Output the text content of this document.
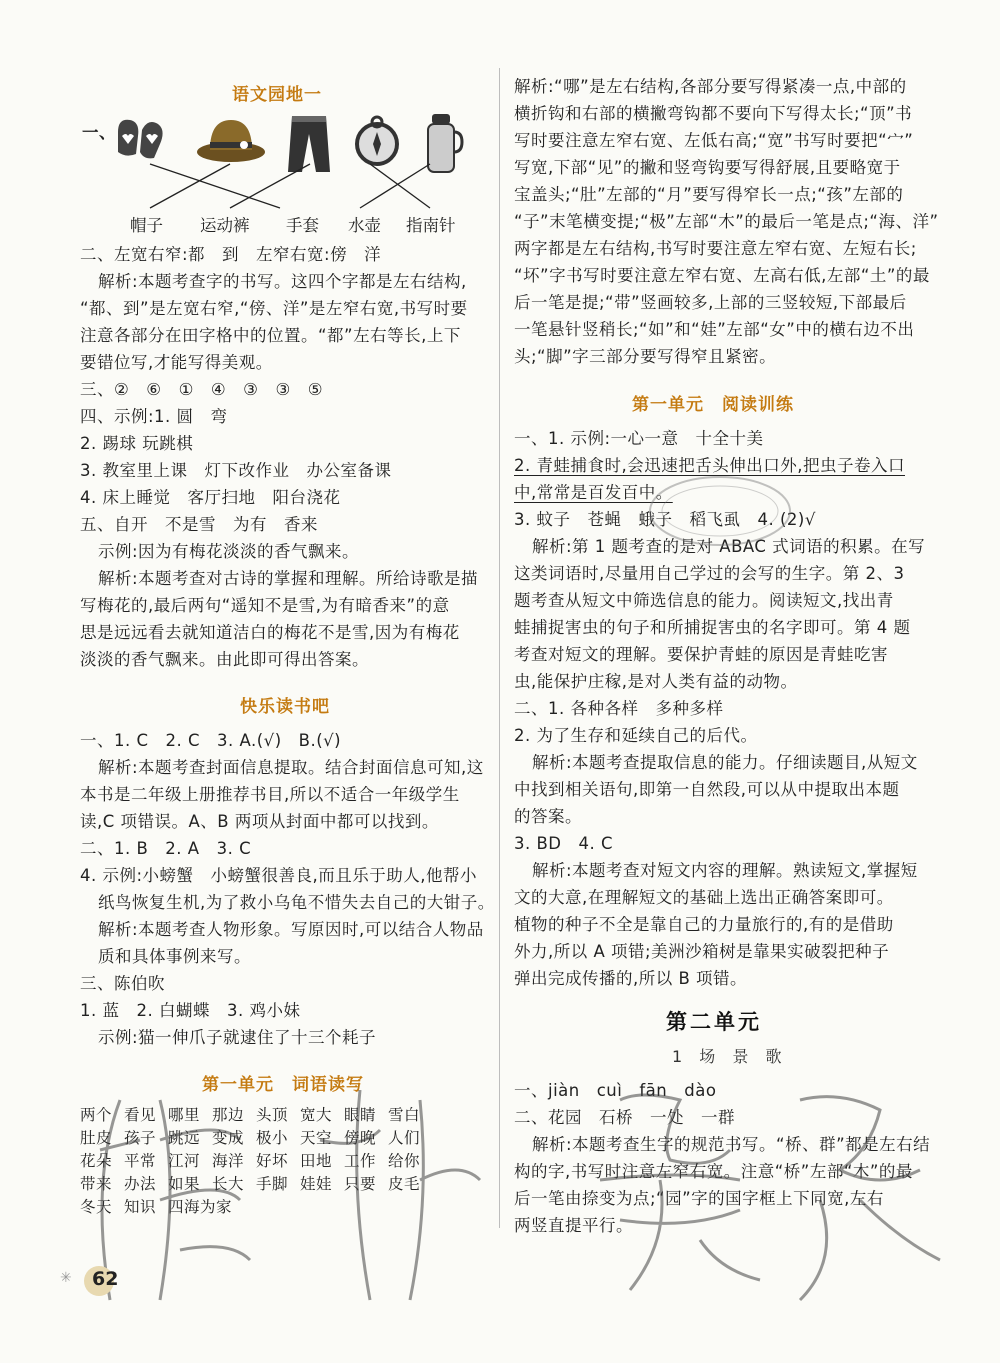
语文园地一
一、
帽子 运动裤 手套 水壶 指南针
二、左宽右窄:都　到　左窄右宽:傍　洋
解析:本题考查字的书写。这四个字都是左右结构,
“都、到”是左宽右窄,“傍、洋”是左窄右宽,书写时要
注意各部分在田字格中的位置。“都”左右等长,上下
要错位写,才能写得美观。
三、②　⑥　①　④　③　③　⑤
四、示例:1. 圆　弯
2. 踢球 玩跳棋
3. 教室里上课　灯下改作业　办公室备课
4. 床上睡觉　客厅扫地　阳台浇花
五、自开　不是雪　为有　香来
示例:因为有梅花淡淡的香气飘来。
解析:本题考查对古诗的掌握和理解。所给诗歌是描
写梅花的,最后两句“遥知不是雪,为有暗香来”的意
思是远远看去就知道洁白的梅花不是雪,因为有梅花
淡淡的香气飘来。由此即可得出答案。
快乐读书吧
一、1. C　2. C　3. A.(√)　B.(√)
解析:本题考查封面信息提取。结合封面信息可知,这
本书是二年级上册推荐书目,所以不适合一年级学生
读,C 项错误。A、B 两项从封面中都可以找到。
二、1. B　2. A　3. C
4. 示例:小螃蟹　小螃蟹很善良,而且乐于助人,他帮小
纸鸟恢复生机,为了救小乌龟不惜失去自己的大钳子。
解析:本题考查人物形象。写原因时,可以结合人物品
质和具体事例来写。
三、陈伯吹
1. 蓝　2. 白蝴蝶　3. 鸡小妹
示例:猫一伸爪子就逮住了十三个耗子
第一单元　词语读写
两个 看见 哪里 那边 头顶 宽大 眼睛 雪白
肚皮 孩子 跳远 变成 极小 天空 傍晚 人们
花朵 平常 江河 海洋 好坏 田地 工作 给你
带来 办法 如果 长大 手脚 娃娃 只要 皮毛
冬天 知识 四海为家
解析:“哪”是左右结构,各部分要写得紧凑一点,中部的
横折钩和右部的横撇弯钩都不要向下写得太长;“顶”书
写时要注意左窄右宽、左低右高;“宽”书写时要把“宀”
写宽,下部“见”的撇和竖弯钩要写得舒展,且要略宽于
宝盖头;“肚”左部的“月”要写得窄长一点;“孩”左部的
“子”末笔横变提;“极”左部“木”的最后一笔是点;“海、洋”
两字都是左右结构,书写时要注意左窄右宽、左短右长;
“坏”字书写时要注意左窄右宽、左高右低,左部“土”的最
后一笔是提;“带”竖画较多,上部的三竖较短,下部最后
一笔悬针竖稍长;“如”和“娃”左部“女”中的横右边不出
头;“脚”字三部分要写得窄且紧密。
第一单元　阅读训练
一、1. 示例:一心一意　十全十美
2. 青蛙捕食时,会迅速把舌头伸出口外,把虫子卷入口
中,常常是百发百中。
3. 蚊子　苍蝇　蛾子　稻飞虱　4. (2)√
解析:第 1 题考查的是对 ABAC 式词语的积累。在写
这类词语时,尽量用自己学过的会写的生字。第 2、3
题考查从短文中筛选信息的能力。阅读短文,找出青
蛙捕捉害虫的句子和所捕捉害虫的名字即可。第 4 题
考查对短文的理解。要保护青蛙的原因是青蛙吃害
虫,能保护庄稼,是对人类有益的动物。
二、1. 各种各样　多种多样
2. 为了生存和延续自己的后代。
解析:本题考查提取信息的能力。仔细读题目,从短文
中找到相关语句,即第一自然段,可以从中提取出本题
的答案。
3. BD　4. C
解析:本题考查对短文内容的理解。熟读短文,掌握短
文的大意,在理解短文的基础上选出正确答案即可。
植物的种子不全是靠自己的力量旅行的,有的是借助
外力,所以 A 项错;美洲沙箱树是靠果实破裂把种子
弹出完成传播的,所以 B 项错。
第二单元
1 场 景 歌
一、jiàn　cuì　fān　dào
二、花园　石桥　一处　一群
解析:本题考查生字的规范书写。“桥、群”都是左右结
构的字,书写时注意左窄右宽。注意“桥”左部“木”的最
后一笔由捺变为点;“园”字的国字框上下同宽,左右
两竖直提平行。
✳ 62
